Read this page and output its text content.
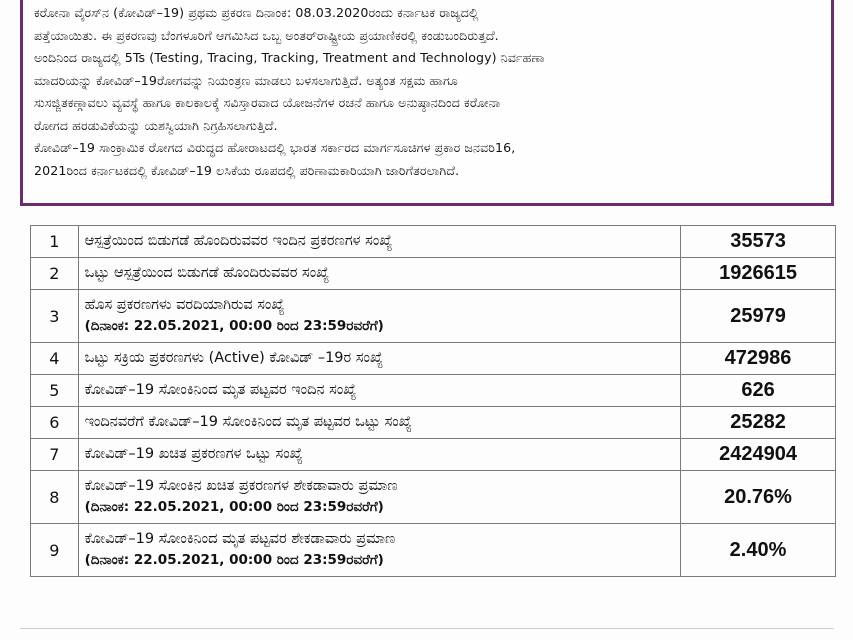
ಕರೋನಾ ವೈರಸ್‌ನ (ಕೋವಿಡ್–19) ಪ್ರಥಮ ಪ್ರಕರಣ ದಿನಾಂಕ: 08.03.2020ರಂದು ಕರ್ನಾಟಕ ರಾಜ್ಯದಲ್ಲಿ

ಪತ್ತೆಯಾಯಿತು. ಈ ಪ್ರಕರಣವು ಬೆಂಗಳೂರಿಗೆ ಆಗಮಿಸಿದ ಒಬ್ಬ ಅಂತರ್‌ರಾಷ್ಟ್ರೀಯ ಪ್ರಯಾಣಿಕರಲ್ಲಿ ಕಂಡುಬಂದಿರುತ್ತದೆ.

ಅಂದಿನಿಂದ ರಾಜ್ಯದಲ್ಲಿ 5Ts (Testing, Tracing, Tracking, Treatment and Technology) ನಿರ್ವಹಣಾ

ಮಾದರಿಯನ್ನು ಕೋವಿಡ್–19ರೋಗವನ್ನು ನಿಯಂತ್ರಣ ಮಾಡಲು ಬಳಸಲಾಗುತ್ತಿದೆ. ಅತ್ಯಂತ ಸಕ್ಷಮ ಹಾಗೂ

ಸುಸಜ್ಜಿತಕಣ್ಗಾವಲು ವ್ಯವಸ್ಥೆ ಹಾಗೂ ಕಾಲಕಾಲಕ್ಕೆ ಸವಿಸ್ತಾರವಾದ ಯೋಜನೆಗಳ ರಚನೆ ಹಾಗೂ ಅನುಷ್ಠಾನದಿಂದ ಕರೋನಾ

ರೋಗದ ಹರಡುವಿಕೆಯನ್ನು ಯಶಸ್ವಿಯಾಗಿ ನಿಗ್ರಹಿಸಲಾಗುತ್ತಿದೆ.

ಕೋವಿಡ್–19 ಸಾಂಕ್ರಾಮಿಕ ರೋಗದ ವಿರುದ್ಧದ ಹೋರಾಟದಲ್ಲಿ ಭಾರತ ಸರ್ಕಾರದ ಮಾರ್ಗಸೂಚಿಗಳ ಪ್ರಕಾರ ಜನವರಿ16,

2021ರಿಂದ ಕರ್ನಾಟಕದಲ್ಲಿ ಕೋವಿಡ್–19 ಲಸಿಕೆಯ ರೂಪದಲ್ಲಿ ಪರಿಣಾಮಕಾರಿಯಾಗಿ ಜಾರಿಗೆತರಲಾಗಿದೆ.

1	ಆಸ್ಪತ್ರೆಯಿಂದ ಬಿಡುಗಡೆ ಹೊಂದಿರುವವರ ಇಂದಿನ ಪ್ರಕರಣಗಳ ಸಂಖ್ಯೆ	35573
2	ಒಟ್ಟು ಆಸ್ಪತ್ರೆಯಿಂದ ಬಿಡುಗಡೆ ಹೊಂದಿರುವವರ ಸಂಖ್ಯೆ	1926615
3	ಹೊಸ ಪ್ರಕರಣಗಳು ವರದಿಯಾಗಿರುವ ಸಂಖ್ಯೆ
(ದಿನಾಂಕ: 22.05.2021, 00:00 ರಿಂದ 23:59ರವರೆಗೆ)	25979
4	ಒಟ್ಟು ಸಕ್ರಿಯ ಪ್ರಕರಣಗಳು (Active) ಕೋವಿಡ್ –19ರ ಸಂಖ್ಯೆ	472986
5	ಕೋವಿಡ್–19 ಸೋಂಕಿನಿಂದ ಮೃತ ಪಟ್ಟವರ ಇಂದಿನ ಸಂಖ್ಯೆ	626
6	ಇಂದಿನವರೆಗೆ ಕೋವಿಡ್–19 ಸೋಂಕಿನಿಂದ ಮೃತ ಪಟ್ಟವರ ಒಟ್ಟು ಸಂಖ್ಯೆ	25282
7	ಕೋವಿಡ್–19 ಖಚಿತ ಪ್ರಕರಣಗಳ ಒಟ್ಟು ಸಂಖ್ಯೆ	2424904
8	ಕೋವಿಡ್–19 ಸೋಂಕಿನ ಖಚಿತ ಪ್ರಕರಣಗಳ ಶೇಕಡಾವಾರು ಪ್ರಮಾಣ
(ದಿನಾಂಕ: 22.05.2021, 00:00 ರಿಂದ 23:59ರವರೆಗೆ)	20.76%
9	ಕೋವಿಡ್–19 ಸೋಂಕಿನಿಂದ ಮೃತ ಪಟ್ಟವರ ಶೇಕಡಾವಾರು ಪ್ರಮಾಣ
(ದಿನಾಂಕ: 22.05.2021, 00:00 ರಿಂದ 23:59ರವರೆಗೆ)	2.40%
